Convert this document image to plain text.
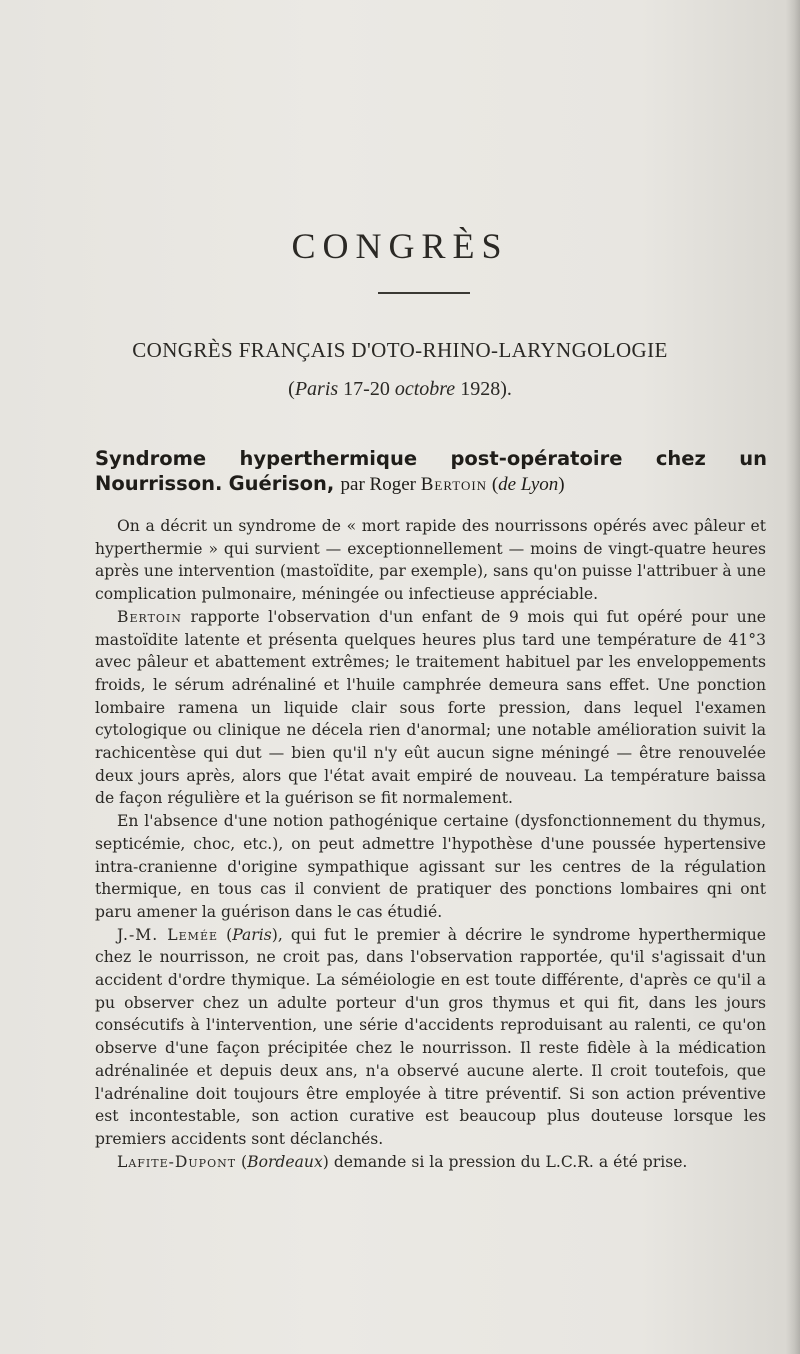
CONGRÈS
CONGRÈS FRANÇAIS D'OTO-RHINO-LARYNGOLOGIE
(Paris 17-20 octobre 1928).
Syndrome hyperthermique post-opératoire chez un Nourrisson. Guérison, par Roger Bertoin (de Lyon)

On a décrit un syndrome de « mort rapide des nourrissons opérés avec pâleur et hyperthermie » qui survient — exceptionnellement — moins de vingt-quatre heures après une intervention (mastoïdite, par exemple), sans qu'on puisse l'attribuer à une complication pulmonaire, méningée ou infectieuse appréciable.

Bertoin rapporte l'observation d'un enfant de 9 mois qui fut opéré pour une mastoïdite latente et présenta quelques heures plus tard une température de 41°3 avec pâleur et abattement extrêmes; le traitement habituel par les enveloppements froids, le sérum adrénaliné et l'huile camphrée demeura sans effet. Une ponction lombaire ramena un liquide clair sous forte pression, dans lequel l'examen cytologique ou clinique ne décela rien d'anormal; une notable amélioration suivit la rachicentèse qui dut — bien qu'il n'y eût aucun signe méningé — être renouvelée deux jours après, alors que l'état avait empiré de nouveau. La température baissa de façon régulière et la guérison se fit normalement.

En l'absence d'une notion pathogénique certaine (dysfonctionnement du thymus, septicémie, choc, etc.), on peut admettre l'hypothèse d'une poussée hypertensive intra-cranienne d'origine sympathique agissant sur les centres de la régulation thermique, en tous cas il convient de pratiquer des ponctions lombaires qni ont paru amener la guérison dans le cas étudié.

J.-M. Lemée (Paris), qui fut le premier à décrire le syndrome hyperthermique chez le nourrisson, ne croit pas, dans l'observation rapportée, qu'il s'agissait d'un accident d'ordre thymique. La séméiologie en est toute différente, d'après ce qu'il a pu observer chez un adulte porteur d'un gros thymus et qui fit, dans les jours consécutifs à l'intervention, une série d'accidents reproduisant au ralenti, ce qu'on observe d'une façon précipitée chez le nourrisson. Il reste fidèle à la médication adrénalinée et depuis deux ans, n'a observé aucune alerte. Il croit toutefois, que l'adrénaline doit toujours être employée à titre préventif. Si son action préventive est incontestable, son action curative est beaucoup plus douteuse lorsque les premiers accidents sont déclanchés.

Lafite-Dupont (Bordeaux) demande si la pression du L.C.R. a été prise.
